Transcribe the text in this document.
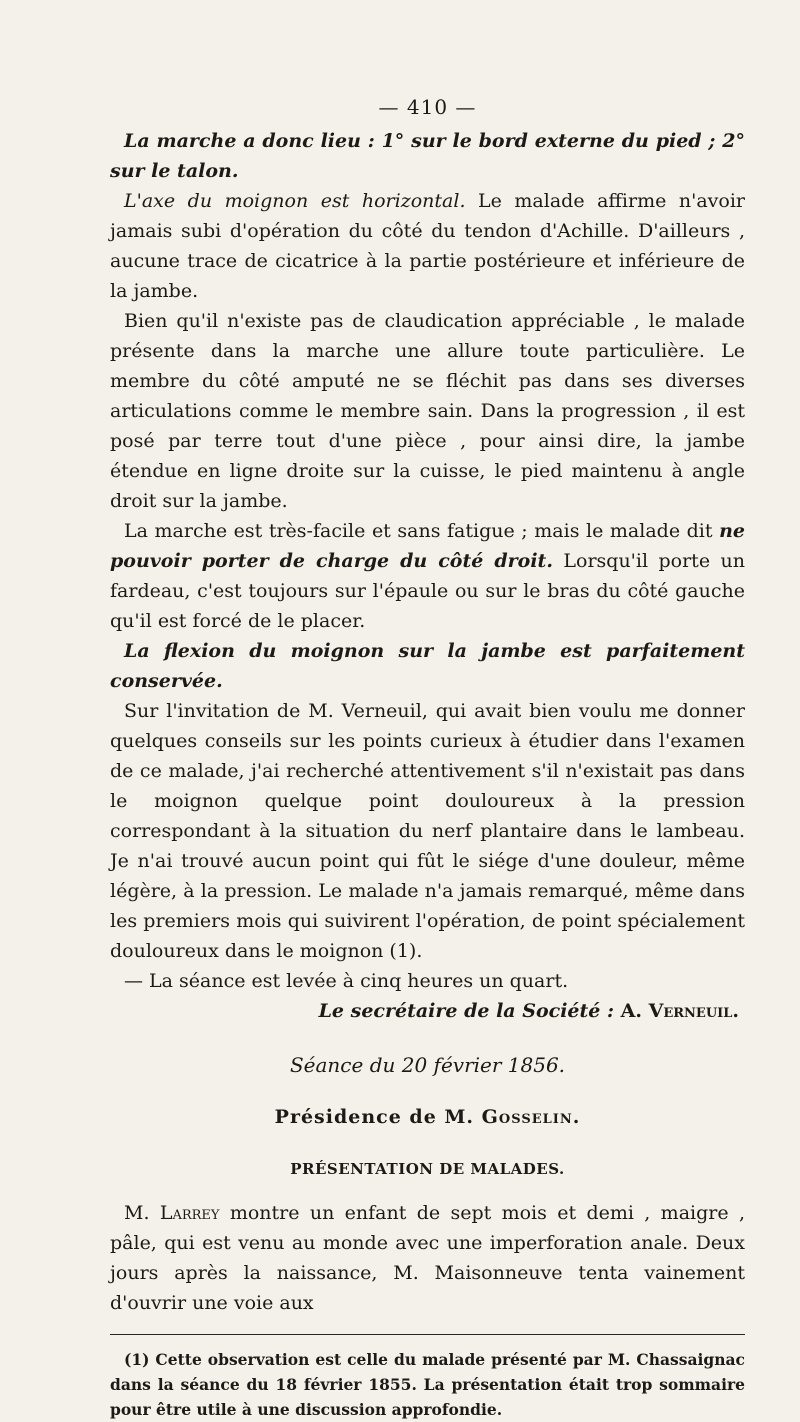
— 410 —

La marche a donc lieu : 1° sur le bord externe du pied ; 2° sur le talon.

L'axe du moignon est horizontal. Le malade affirme n'avoir jamais subi d'opération du côté du tendon d'Achille. D'ailleurs , aucune trace de cicatrice à la partie postérieure et inférieure de la jambe.

Bien qu'il n'existe pas de claudication appréciable , le malade présente dans la marche une allure toute particulière. Le membre du côté amputé ne se fléchit pas dans ses diverses articulations comme le membre sain. Dans la progression , il est posé par terre tout d'une pièce , pour ainsi dire, la jambe étendue en ligne droite sur la cuisse, le pied maintenu à angle droit sur la jambe.

La marche est très-facile et sans fatigue ; mais le malade dit ne pouvoir porter de charge du côté droit. Lorsqu'il porte un fardeau, c'est toujours sur l'épaule ou sur le bras du côté gauche qu'il est forcé de le placer.

La flexion du moignon sur la jambe est parfaitement conservée.

Sur l'invitation de M. Verneuil, qui avait bien voulu me donner quelques conseils sur les points curieux à étudier dans l'examen de ce malade, j'ai recherché attentivement s'il n'existait pas dans le moignon quelque point douloureux à la pression correspondant à la situation du nerf plantaire dans le lambeau. Je n'ai trouvé aucun point qui fût le siége d'une douleur, même légère, à la pression. Le malade n'a jamais remarqué, même dans les premiers mois qui suivirent l'opération, de point spécialement douloureux dans le moignon (1).

— La séance est levée à cinq heures un quart.

Le secrétaire de la Société : A. Verneuil.

Séance du 20 février 1856.
Présidence de M. Gosselin.
PRÉSENTATION DE MALADES.

M. Larrey montre un enfant de sept mois et demi , maigre , pâle, qui est venu au monde avec une imperforation anale. Deux jours après la naissance, M. Maisonneuve tenta vainement d'ouvrir une voie aux

(1) Cette observation est celle du malade présenté par M. Chassaignac dans la séance du 18 février 1855. La présentation était trop sommaire pour être utile à une discussion approfondie.
